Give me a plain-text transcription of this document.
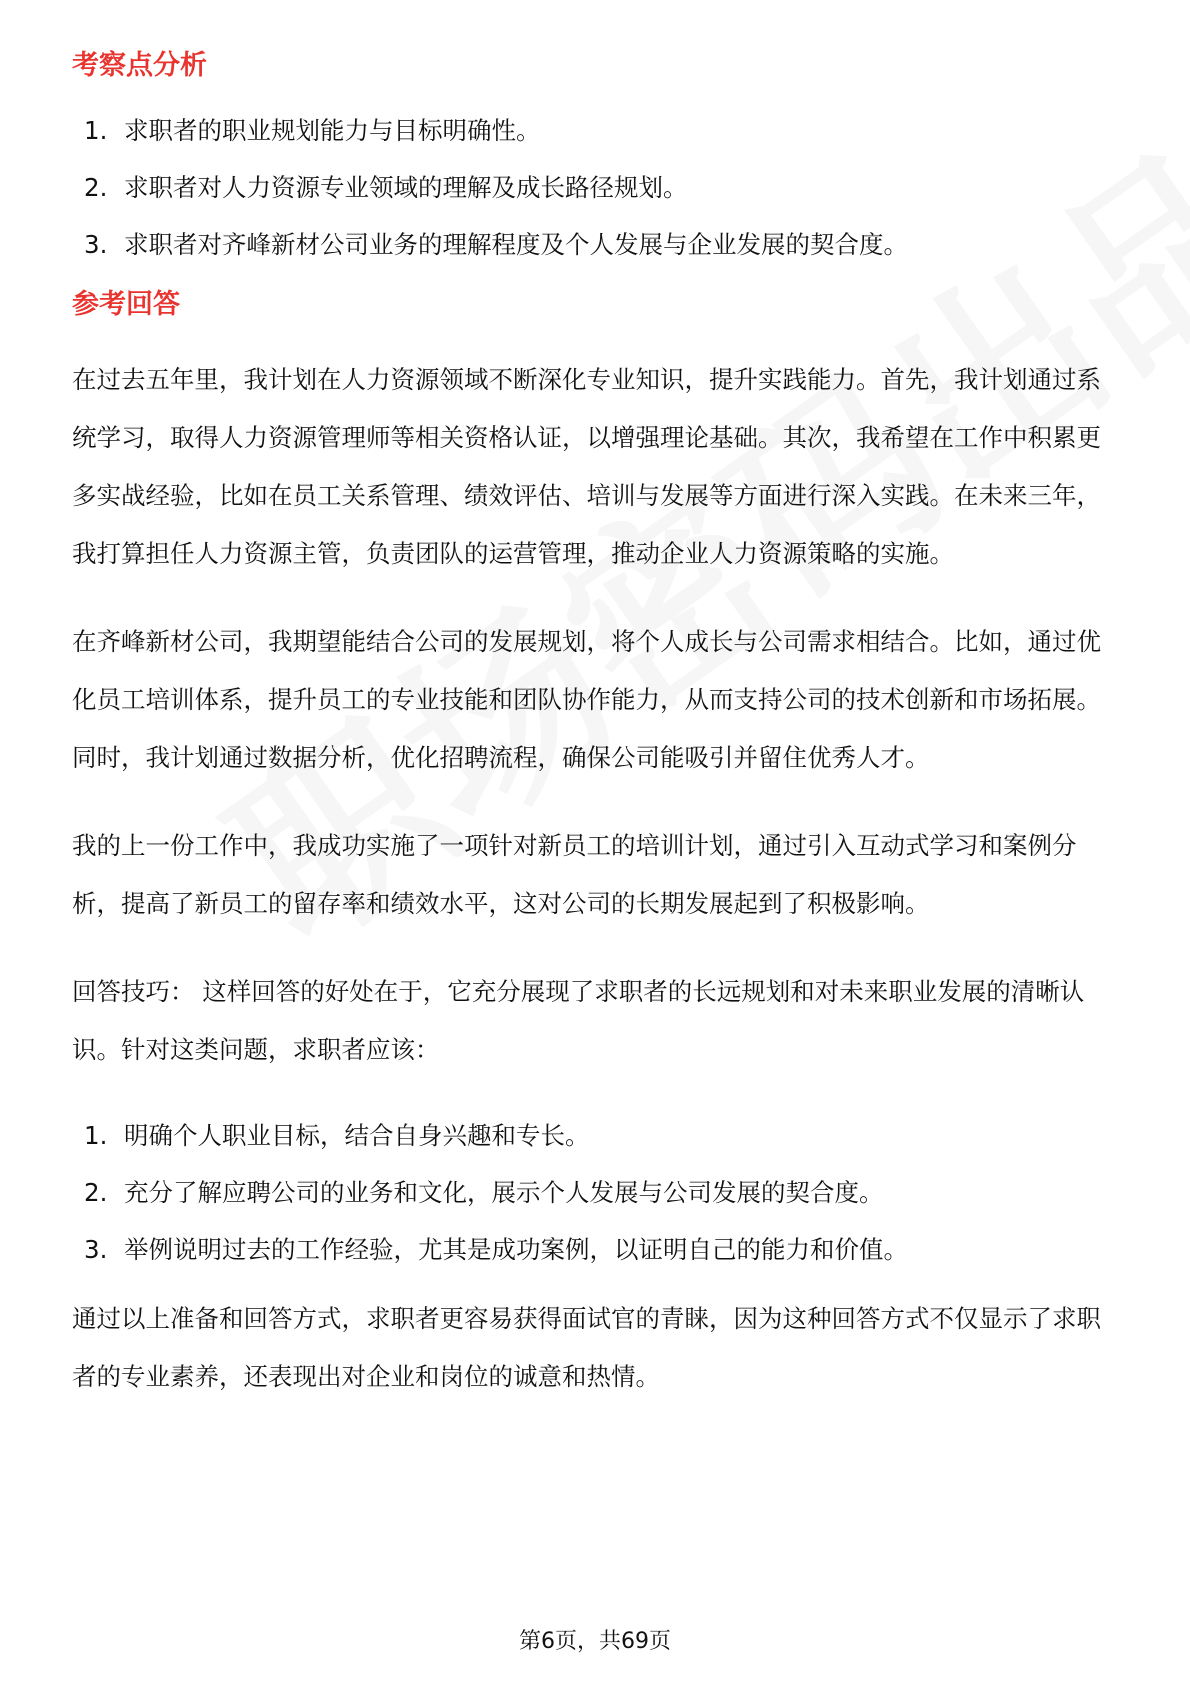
考察点分析
1. 求职者的职业规划能力与目标明确性。
2. 求职者对人力资源专业领域的理解及成长路径规划。
3. 求职者对齐峰新材公司业务的理解程度及个人发展与企业发展的契合度。
参考回答

在过去五年里，我计划在人力资源领域不断深化专业知识，提升实践能力。首先，我计划通过系统学习，取得人力资源管理师等相关资格认证，以增强理论基础。其次，我希望在工作中积累更多实战经验，比如在员工关系管理、绩效评估、培训与发展等方面进行深入实践。在未来三年，我打算担任人力资源主管，负责团队的运营管理，推动企业人力资源策略的实施。

在齐峰新材公司，我期望能结合公司的发展规划，将个人成长与公司需求相结合。比如，通过优化员工培训体系，提升员工的专业技能和团队协作能力，从而支持公司的技术创新和市场拓展。同时，我计划通过数据分析，优化招聘流程，确保公司能吸引并留住优秀人才。

我的上一份工作中，我成功实施了一项针对新员工的培训计划，通过引入互动式学习和案例分析，提高了新员工的留存率和绩效水平，这对公司的长期发展起到了积极影响。

回答技巧： 这样回答的好处在于，它充分展现了求职者的长远规划和对未来职业发展的清晰认识。针对这类问题，求职者应该：

1. 明确个人职业目标，结合自身兴趣和专长。
2. 充分了解应聘公司的业务和文化，展示个人发展与公司发展的契合度。
3. 举例说明过去的工作经验，尤其是成功案例，以证明自己的能力和价值。

通过以上准备和回答方式，求职者更容易获得面试官的青睐，因为这种回答方式不仅显示了求职者的专业素养，还表现出对企业和岗位的诚意和热情。

第6页，共69页
